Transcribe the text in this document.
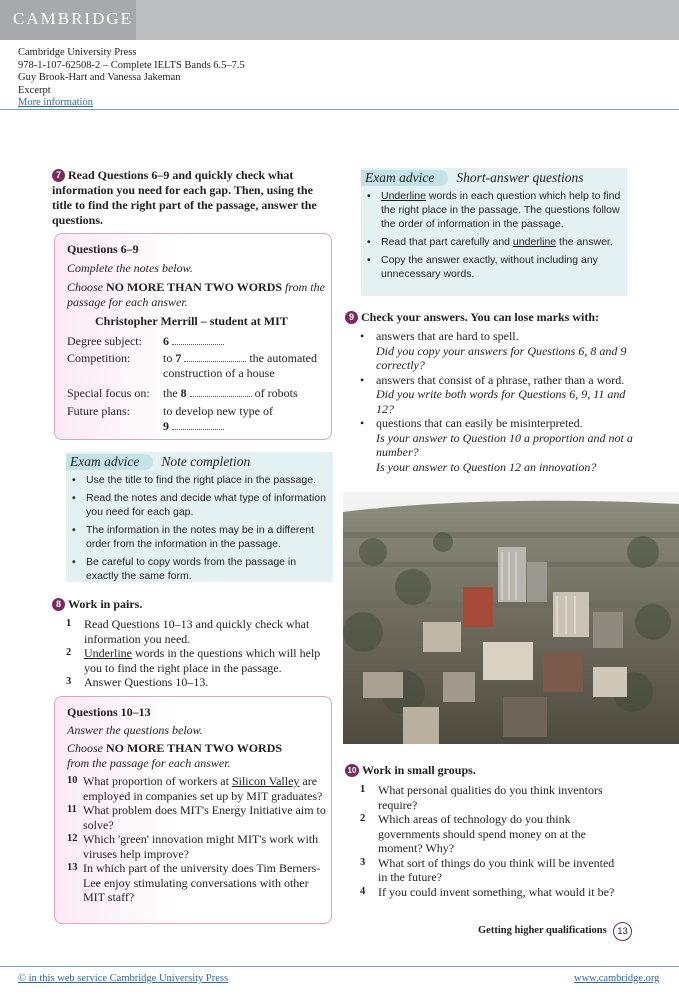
CAMBRIDGE
Cambridge University Press
978-1-107-62508-2 – Complete IELTS Bands 6.5–7.5
Guy Brook-Hart and Vanessa Jakeman
Excerpt
More information
7 Read Questions 6–9 and quickly check what information you need for each gap. Then, using the title to find the right part of the passage, answer the questions.
Questions 6–9
Complete the notes below.
Choose NO MORE THAN TWO WORDS from the passage for each answer.
Christopher Merrill – student at MIT
Degree subject: 6
Competition:	to 7	the automated construction of a house
Special focus on: the 8	of robots
Future plans:	to develop new type of
9
Exam advice Note completion
• Use the title to find the right place in the passage.
• Read the notes and decide what type of information you need for each gap.
• The information in the notes may be in a different order from the information in the passage.
• Be careful to copy words from the passage in exactly the same form.
8 Work in pairs.
1 Read Questions 10–13 and quickly check what information you need.
2 Underline words in the questions which will help you to find the right place in the passage.
3 Answer Questions 10–13.
Questions 10–13
Answer the questions below.
Choose NO MORE THAN TWO WORDS from the passage for each answer.
10 What proportion of workers at Silicon Valley are employed in companies set up by MIT graduates?
11 What problem does MIT's Energy Initiative aim to solve?
12 Which 'green' innovation might MIT's work with viruses help improve?
13 In which part of the university does Tim Berners-Lee enjoy stimulating conversations with other MIT staff?
Exam advice Short-answer questions
• Underline words in each question which help to find the right place in the passage. The questions follow the order of information in the passage.
• Read that part carefully and underline the answer.
• Copy the answer exactly, without including any unnecessary words.
9 Check your answers. You can lose marks with:
• answers that are hard to spell.
Did you copy your answers for Questions 6, 8 and 9 correctly?
• answers that consist of a phrase, rather than a word.
Did you write both words for Questions 6, 9, 11 and 12?
• questions that can easily be misinterpreted.
Is your answer to Question 10 a proportion and not a number?
Is your answer to Question 12 an innovation?
10 Work in small groups.
1 What personal qualities do you think inventors require?
2 Which areas of technology do you think governments should spend money on at the moment? Why?
3 What sort of things do you think will be invented in the future?
4 If you could invent something, what would it be?
Getting higher qualifications	13
© in this web service Cambridge University Press	www.cambridge.org
